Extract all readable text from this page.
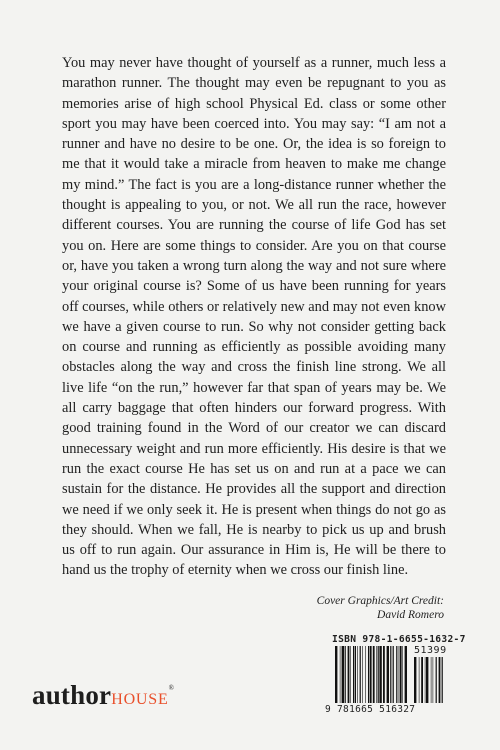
You may never have thought of yourself as a runner, much less a marathon runner. The thought may even be repugnant to you as memories arise of high school Physical Ed. class or some other sport you may have been coerced into. You may say: “I am not a runner and have no desire to be one. Or, the idea is so foreign to me that it would take a miracle from heaven to make me change my mind.” The fact is you are a long-distance runner whether the thought is appealing to you, or not. We all run the race, however different courses. You are running the course of life God has set you on. Here are some things to consider. Are you on that course or, have you taken a wrong turn along the way and not sure where your original course is? Some of us have been running for years off courses, while others or relatively new and may not even know we have a given course to run. So why not consider getting back on course and running as efficiently as possible avoiding many obstacles along the way and cross the finish line strong. We all live life “on the run,” however far that span of years may be. We all carry baggage that often hinders our forward progress. With good training found in the Word of our creator we can discard unnecessary weight and run more efficiently. His desire is that we run the exact course He has set us on and run at a pace we can sustain for the distance. He provides all the support and direction we need if we only seek it. He is present when things do not go as they should. When we fall, He is nearby to pick us up and brush us off to run again. Our assurance in Him is, He will be there to hand us the trophy of eternity when we cross our finish line.

Cover Graphics/Art Credit:
David Romero
ISBN 978-1-6655-1632-7
51399
9 781665 516327
authorHOUSE®
